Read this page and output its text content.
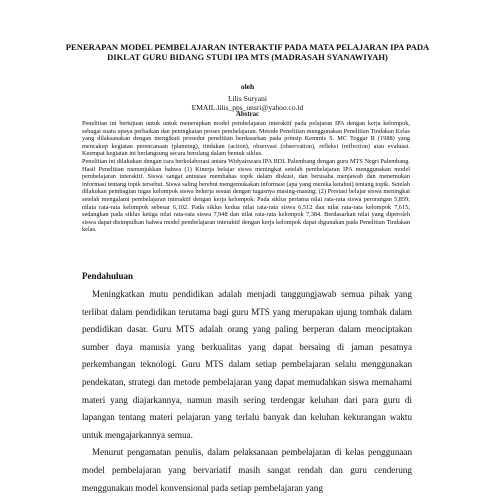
PENERAPAN MODEL PEMBELAJARAN INTERAKTIF PADA MATA PELAJARAN IPA PADA DIKLAT GURU BIDANG STUDI IPA MTS (MADRASAH SYANAWIYAH)
oleh
Lilis Suryani
EMAIL.lilis_pps_unsri@yahoo.co.id
Abstrac

Penelitian ini bertujuan untuk untuk menerapkan model pembelajaran interaktif pada pelajaran IPA dengan kerja kelompok, sebagai suatu upaya perbaikan dan peningkatan proses pembelajaran. Metode Penelitian menggunakan Penelitian Tindakan Kelas yang dilaksanakan dengan mengikuti prosedur penelitian berdasarkan pada prinsip Kemmis S. MC Toggar R (1988) yang mencakup kegiatan perencanaan (planning), tindakan (action), observasi (observation), refleksi (reflection) atau evaluasi. Keempat kegiatan ini berlangsung secara berulang dalam bentuk siklus.

Penelitian ini dilakukan dengan cara berkolaborasi antara Widyaiswara IPA BDL Palembang dengan guru MTS Negri Palembang. Hasil Penelitian menunjukkan bahwa (1) Kinerja belajar siswa meningkat setelah pembelajaran IPA menggunakan model pembelajaran interaktif. Siswa sangat antusias membahas topik dalam diskusi, dan berusaha menjawab dan menemukan informasi tentang topik tersebut. Siswa saling berebut mengemukakan informasi (apa yang mereka ketahui) tentang topik. Setelah dilakukan pembagian tugas kelompok siswa bekerja sesuai dengan tugasnya masing-masing; (2) Prestasi belajar siswa meningkat setelah mengalami pembelajaran interaktif dengan kerja kelompok. Pada siklus pertama nilai rata-rata siswa perorangan 5,859; nilaia rata-rata kelompok sebesar 6,102. Pada siklus kedua nilai rata-rata siswa 6,512 dan nilai rata-rata kelompok 7,615; sedangkan pada siklus ketiga nilai rata-rata siswa 7,948 dan nilai rata-rata kelompok 7,384. Berdasarkan nilai yang diperoleh siswa dapat disimpulkan bahwa model pembelajaran interaktif dengan kerja kelompok dapat digunakan pada Penelitian Tindakan kelas.

Pendahuluan

Meningkatkan mutu pendidikan adalah menjadi tanggungjawab semua pihak yang terlibat dalam pendidikan terutama bagi guru MTS yang merupakan ujung tombak dalam pendidikan dasar. Guru MTS adalah orang yang paling berperan dalam menciptakan sumber daya manusia yang berkualitas yang dapat bersaing di jaman pesatnya perkembangan teknologi. Guru MTS dalam setiap pembelajaran selalu menggunakan pendekatan, strategi dan metode pembelajaran yang dapat memudahkan siswa memahami materi yang diajarkannya, namun masih sering terdengar keluhan dari para guru di lapangan tentang materi pelajaran yang terlalu banyak dan keluhan kekurangan waktu untuk mengajarkannya semua.

Menurut pengamatan penulis, dalam pelaksanaan pembelajaran di kelas penggunaan model pembelajaran yang bervariatif masih sangat rendah dan guru cenderung menggunakan model konvensional pada setiap pembelajaran yang
